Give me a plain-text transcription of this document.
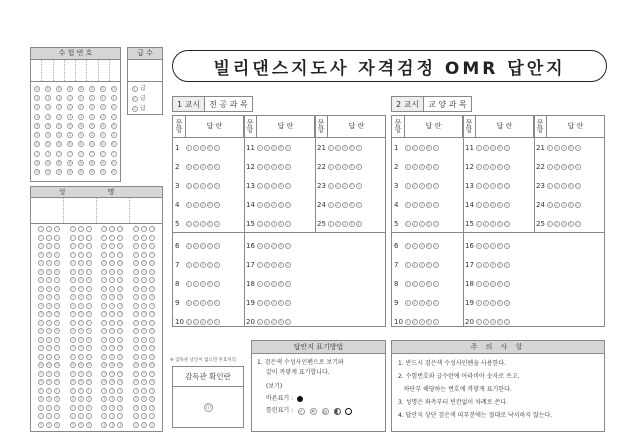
수 험 번 호
0	0	0	0	0	0	0	0
1	1	1	1	1	1	1	1
2	2	2	2	2	2	2	2
3	3	3	3	3	3	3	3
4	4	4	4	4	4	4	4
5	5	5	5	5	5	5	5
6	6	6	6	6	6	6	6
7	7	7	7	7	7	7	7
8	8	8	8	8	8	8	8
9	9	9	9	9	9	9	9
급 수
1 급
2 급
3 급
성 명
ㄱ ㄱ ㄱ	ㄱ ㄱ ㄱ	ㄱ ㄱ ㄱ	ㄱ ㄱ ㄱ
ㄴ ㄴ ㄴ	ㄴ ㄴ ㄴ	ㄴ ㄴ ㄴ	ㄴ ㄴ ㄴ
ㄷ ㄷ ㄷ	ㄷ ㄷ ㄷ	ㄷ ㄷ ㄷ	ㄷ ㄷ ㄷ
ㄹ ㄹ ㄹ	ㄹ ㄹ ㄹ	ㄹ ㄹ ㄹ	ㄹ ㄹ ㄹ
ㅁ ㅁ ㅁ	ㅁ ㅁ ㅁ	ㅁ ㅁ ㅁ	ㅁ ㅁ ㅁ
ㅂ ㅂ ㅂ	ㅂ ㅂ ㅂ	ㅂ ㅂ ㅂ	ㅂ ㅂ ㅂ
ㅅ ㅅ ㅅ	ㅅ ㅅ ㅅ	ㅅ ㅅ ㅅ	ㅅ ㅅ ㅅ
ㅇ ㅇ ㅇ	ㅇ ㅇ ㅇ	ㅇ ㅇ ㅇ	ㅇ ㅇ ㅇ
ㅈ ㅈ ㅈ	ㅈ ㅈ ㅈ	ㅈ ㅈ ㅈ	ㅈ ㅈ ㅈ
ㅊ ㅊ ㅊ	ㅊ ㅊ ㅊ	ㅊ ㅊ ㅊ	ㅊ ㅊ ㅊ
ㅋ ㅋ ㅋ	ㅋ ㅋ ㅋ	ㅋ ㅋ ㅋ	ㅋ ㅋ ㅋ
ㅌ ㅌ ㅌ	ㅌ ㅌ ㅌ	ㅌ ㅌ ㅌ	ㅌ ㅌ ㅌ
ㅍ ㅍ ㅍ	ㅍ ㅍ ㅍ	ㅍ ㅍ ㅍ	ㅍ ㅍ ㅍ
ㅎ ㅎ ㅎ	ㅎ ㅎ ㅎ	ㅎ ㅎ ㅎ	ㅎ ㅎ ㅎ
ㄲ ㄲ ㄲ	ㄲ ㄲ ㄲ	ㄲ ㄲ ㄲ	ㄲ ㄲ ㄲ
ㄸ ㄸ ㄸ	ㄸ ㄸ ㄸ	ㄸ ㄸ ㄸ	ㄸ ㄸ ㄸ
ㅃ ㅃ ㅃ	ㅃ ㅃ ㅃ	ㅃ ㅃ ㅃ	ㅃ ㅃ ㅃ
ㅆ ㅆ ㅆ	ㅆ ㅆ ㅆ	ㅆ ㅆ ㅆ	ㅆ ㅆ ㅆ
ㅉ ㅉ ㅉ	ㅉ ㅉ ㅉ	ㅉ ㅉ ㅉ	ㅉ ㅉ ㅉ
ㅏ ㅏ ㅏ	ㅏ ㅏ ㅏ	ㅏ ㅏ ㅏ	ㅏ ㅏ ㅏ
ㅐ ㅐ ㅐ	ㅐ ㅐ ㅐ	ㅐ ㅐ ㅐ	ㅐ ㅐ ㅐ
ㅑ ㅑ ㅑ	ㅑ ㅑ ㅑ	ㅑ ㅑ ㅑ	ㅑ ㅑ ㅑ
ㅓ ㅓ ㅓ	ㅓ ㅓ ㅓ	ㅓ ㅓ ㅓ	ㅓ ㅓ ㅓ
ㅔ ㅔ ㅔ	ㅔ ㅔ ㅔ	ㅔ ㅔ ㅔ	ㅔ ㅔ ㅔ
빌리댄스지도사 자격검정 OMR 답안지
1 교시	전 공 과 목
문항	답 란	문항	답 란	문항	답 란
1	1	2	3	4	5
2	1	2	3	4	5
3	1	2	3	4	5
4	1	2	3	4	5
5	1	2	3	4	5
6	1	2	3	4	5
7	1	2	3	4	5
8	1	2	3	4	5
9	1	2	3	4	5
10 1	2	3	4	5
11 1	2	3	4	5
12 1	2	3	4	5
13 1	2	3	4	5
14 1	2	3	4	5
15 1	2	3	4	5
16 1	2	3	4	5
17 1	2	3	4	5
18 1	2	3	4	5
19 1	2	3	4	5
20 1	2	3	4	5
21 1	2	3	4	5
22 1	2	3	4	5
23 1	2	3	4	5
24 1	2	3	4	5
25 1	2	3	4	5
2 교시	교 양 과 목
문항	답 란	문항	답 란	문항	답 란
1	1	2	3	4	5
2	1	2	3	4	5
3	1	2	3	4	5
4	1	2	3	4	5
5	1	2	3	4	5
6	1	2	3	4	5
7	1	2	3	4	5
8	1	2	3	4	5
9	1	2	3	4	5
10 1	2	3	4	5
11 1	2	3	4	5
12 1	2	3	4	5
13 1	2	3	4	5
14 1	2	3	4	5
15 1	2	3	4	5
16 1	2	3	4	5
17 1	2	3	4	5
18 1	2	3	4	5
19 1	2	3	4	5
20 1	2	3	4	5
21 1	2	3	4	5
22 1	2	3	4	5
23 1	2	3	4	5
24 1	2	3	4	5
25 1	2	3	4	5
※ 감독관 날인이 없으면 무효처리
감독관 확인란
印
답안지 표기방법
1. 검은색 수성사인펜으로 보기와
같이 까맣게 표기합니다.
(보기)
바른표기 :
틀린표기 : ✓ ✕ ◎
주 의 사 항
1. 반드시 검은색 수성사인펜을 사용한다.
2. 수험번호와 급수란에 아라비아 숫자로 쓰고,
하단부 해당하는 번호에 까맣게 표기한다.
3. 성명은 좌측부터 빈칸없이 차례로 쓴다.
4. 답안지 상단 검은색 띠부분에는 절대로 낙서하지 않는다.
